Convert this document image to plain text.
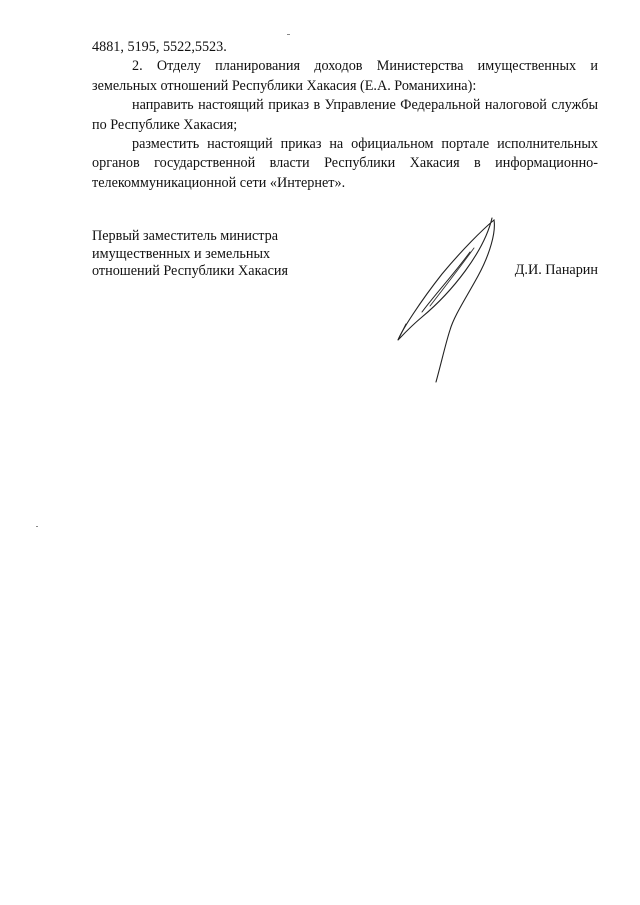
4881, 5195, 5522,5523.

2. Отделу планирования доходов Министерства имущественных и земельных отношений Республики Хакасия (Е.А. Романихина):

направить настоящий приказ в Управление Федеральной налоговой службы по Республике Хакасия;

разместить настоящий приказ на официальном портале исполнительных органов государственной власти Республики Хакасия в информационно-телекоммуникационной сети «Интернет».

Первый заместитель министра
имущественных и земельных
отношений Республики Хакасия	Д.И. Панарин
